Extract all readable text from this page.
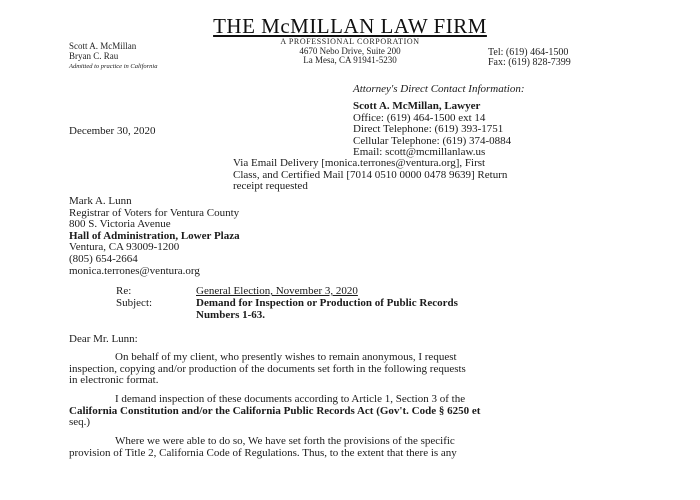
THE McMILLAN LAW FIRM
A PROFESSIONAL CORPORATION
4670 Nebo Drive, Suite 200
La Mesa, CA 91941-5230
Scott A. McMillan
Bryan C. Rau
Admitted to practice in California
Tel: (619) 464-1500
Fax: (619) 828-7399
Attorney's Direct Contact Information:
Scott A. McMillan, Lawyer
Office: (619) 464-1500 ext 14
Direct Telephone: (619) 393-1751
Cellular Telephone: (619) 374-0884
Email: scott@mcmillanlaw.us
December 30, 2020
Via Email Delivery [monica.terrones@ventura.org], First
Class, and Certified Mail [7014 0510 0000 0478 9639] Return
receipt requested
Mark A. Lunn
Registrar of Voters for Ventura County
800 S. Victoria Avenue
Hall of Administration, Lower Plaza
Ventura, CA 93009-1200
(805) 654-2664
monica.terrones@ventura.org
Re:	General Election, November 3, 2020
Subject:	Demand for Inspection or Production of Public Records
Numbers 1-63.
Dear Mr. Lunn:
On behalf of my client, who presently wishes to remain anonymous, I request
inspection, copying and/or production of the documents set forth in the following requests
in electronic format.
I demand inspection of these documents according to Article 1, Section 3 of the
California Constitution and/or the California Public Records Act (Gov't. Code § 6250 et
seq.)
Where we were able to do so, We have set forth the provisions of the specific
provision of Title 2, California Code of Regulations. Thus, to the extent that there is any
